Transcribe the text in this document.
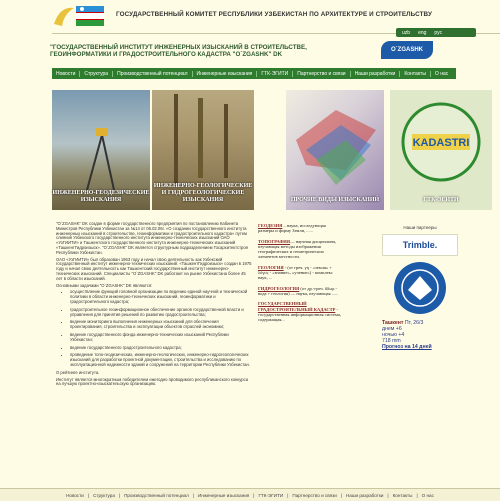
ГОСУДАРСТВЕННЫЙ КОМИТЕТ РЕСПУБЛИКИ УЗБЕКИСТАН ПО АРХИТЕКТУРЕ И СТРОИТЕЛЬСТВУ
uzb eng рус
"ГОСУДАРСТВЕННЫЙ ИНСТИТУТ ИНЖЕНЕРНЫХ ИЗЫСКАНИЙ В СТРОИТЕЛЬСТВЕ,
ГЕОИНФОРМАТИКИ И ГРАДОСТРОИТЕЛЬНОГО КАДАСТРА "O`ZGASHK" DK
O`ZGASHK
Новости	Структура	Производственный потенциал	Инженерные изыскания	ГТК-ЭГИТИ	Партнерство и связи	Наши разработки	Контакты	О нас
ИНЖЕНЕРНО-ГЕОДЕЗИЧЕСКИЕ ИЗЫСКАНИЯ
ИНЖЕНЕРНО-ГЕОЛОГИЧЕСКИЕ И ГИДРОГЕОЛОГИЧЕСКИЕ ИЗЫСКАНИЯ	ПРОЧИЕ ВИДЫ ИЗЫСКАНИЙ
KADASTRI
ГТК-ЭГИТИ

"O`ZGASHK" DK создан в форме государственного предприятия по постановлению Кабинета Министров Республики Узбекистан за №14 от 06.02.06г. «О создании государственного института инженерных изысканий в строительстве, геоинформатики и градостроительного кадастра» путем слияния Узбекского государственного института инженерно-технических изысканий ОАО «УзГИИТИ» и Ташкентского государственного института инженерно-технических изысканий «ТашкентГидроизыск». "O`ZGASHK" DK является структурным подразделением Госархитектстроя Республики Узбекистан.

ОАО «УзГИИТИ» был образован 1963 году и начал свою деятельность как Узбекский государственный институт инженерно-технических изысканий. «ТашкентГидроизыск» создан в 1975 году и начал свою деятельность как Ташкентский государственный институт инженерно-технических изысканий. Специалисты "O`ZGASHK" DK работают на рынке Узбекистана более 45 лет в области изысканий.

Основными задачами "O`ZGASHK" DK являются:

• осуществление функций головной организации по ведению единой научной и технической политики в области инженерно-технических изысканий, геоинформатики и градостроительного кадастра;
• градостроительное геоинформационное обеспечение органов государственной власти и управления для принятия решений по развитию градостроительства;
• ведение мониторинга выполнения инженерных изысканий для обеспечения проектирования, строительства и эксплуатации объектов отраслей экономики;
• ведение государственного фонда инженерно-технических изысканий Республики Узбекистан;
• ведение государственного градостроительного кадастра;
• проведение топо-геодезических, инженерно-геологических, инженерно-гидрогеологических изысканий для разработки проектной документации, строительства и исследованию по эксплуатационной надежности зданий и сооружений на территории Республики Узбекистан.

О рейтинге института.

Институт является многократным победителем ежегодно проводимого республиканского конкурса на лучшую проектно-изыскательскую организацию.

ГЕОДЕЗИЯ – наука, исследующая размеры и форму Земли, ......
ТОПОГРАФИЯ— научная дисциплина, изучающая методы изображения географических и геометрических элементов местности.
ГЕОЛОГИЯ - (от греч. γη - «земля» + λόγος - «знание», «учение») - комплекс наук, ...
ГИДРОГЕОЛОГИЯ (от др.-греч. ὕδωρ - вода + геология) — наука, изучающая ......
ГОСУДАРСТВЕННЫЙ ГРАДОСТРОИТЕЛЬНЫЙ КАДАСТР - государственная информационная система, содержащая...
Наши партнеры
Trimble.
Ташкент Пт, 26/3
днем +6
ночью +4
718 mm
Прогноз на 14 дней
Новости | Структура | Производственный потенциал | Инженерные изыскания | ГТК-ЭГИТИ | Партнерство и связи | Наши разработки | Контакты | О нас
